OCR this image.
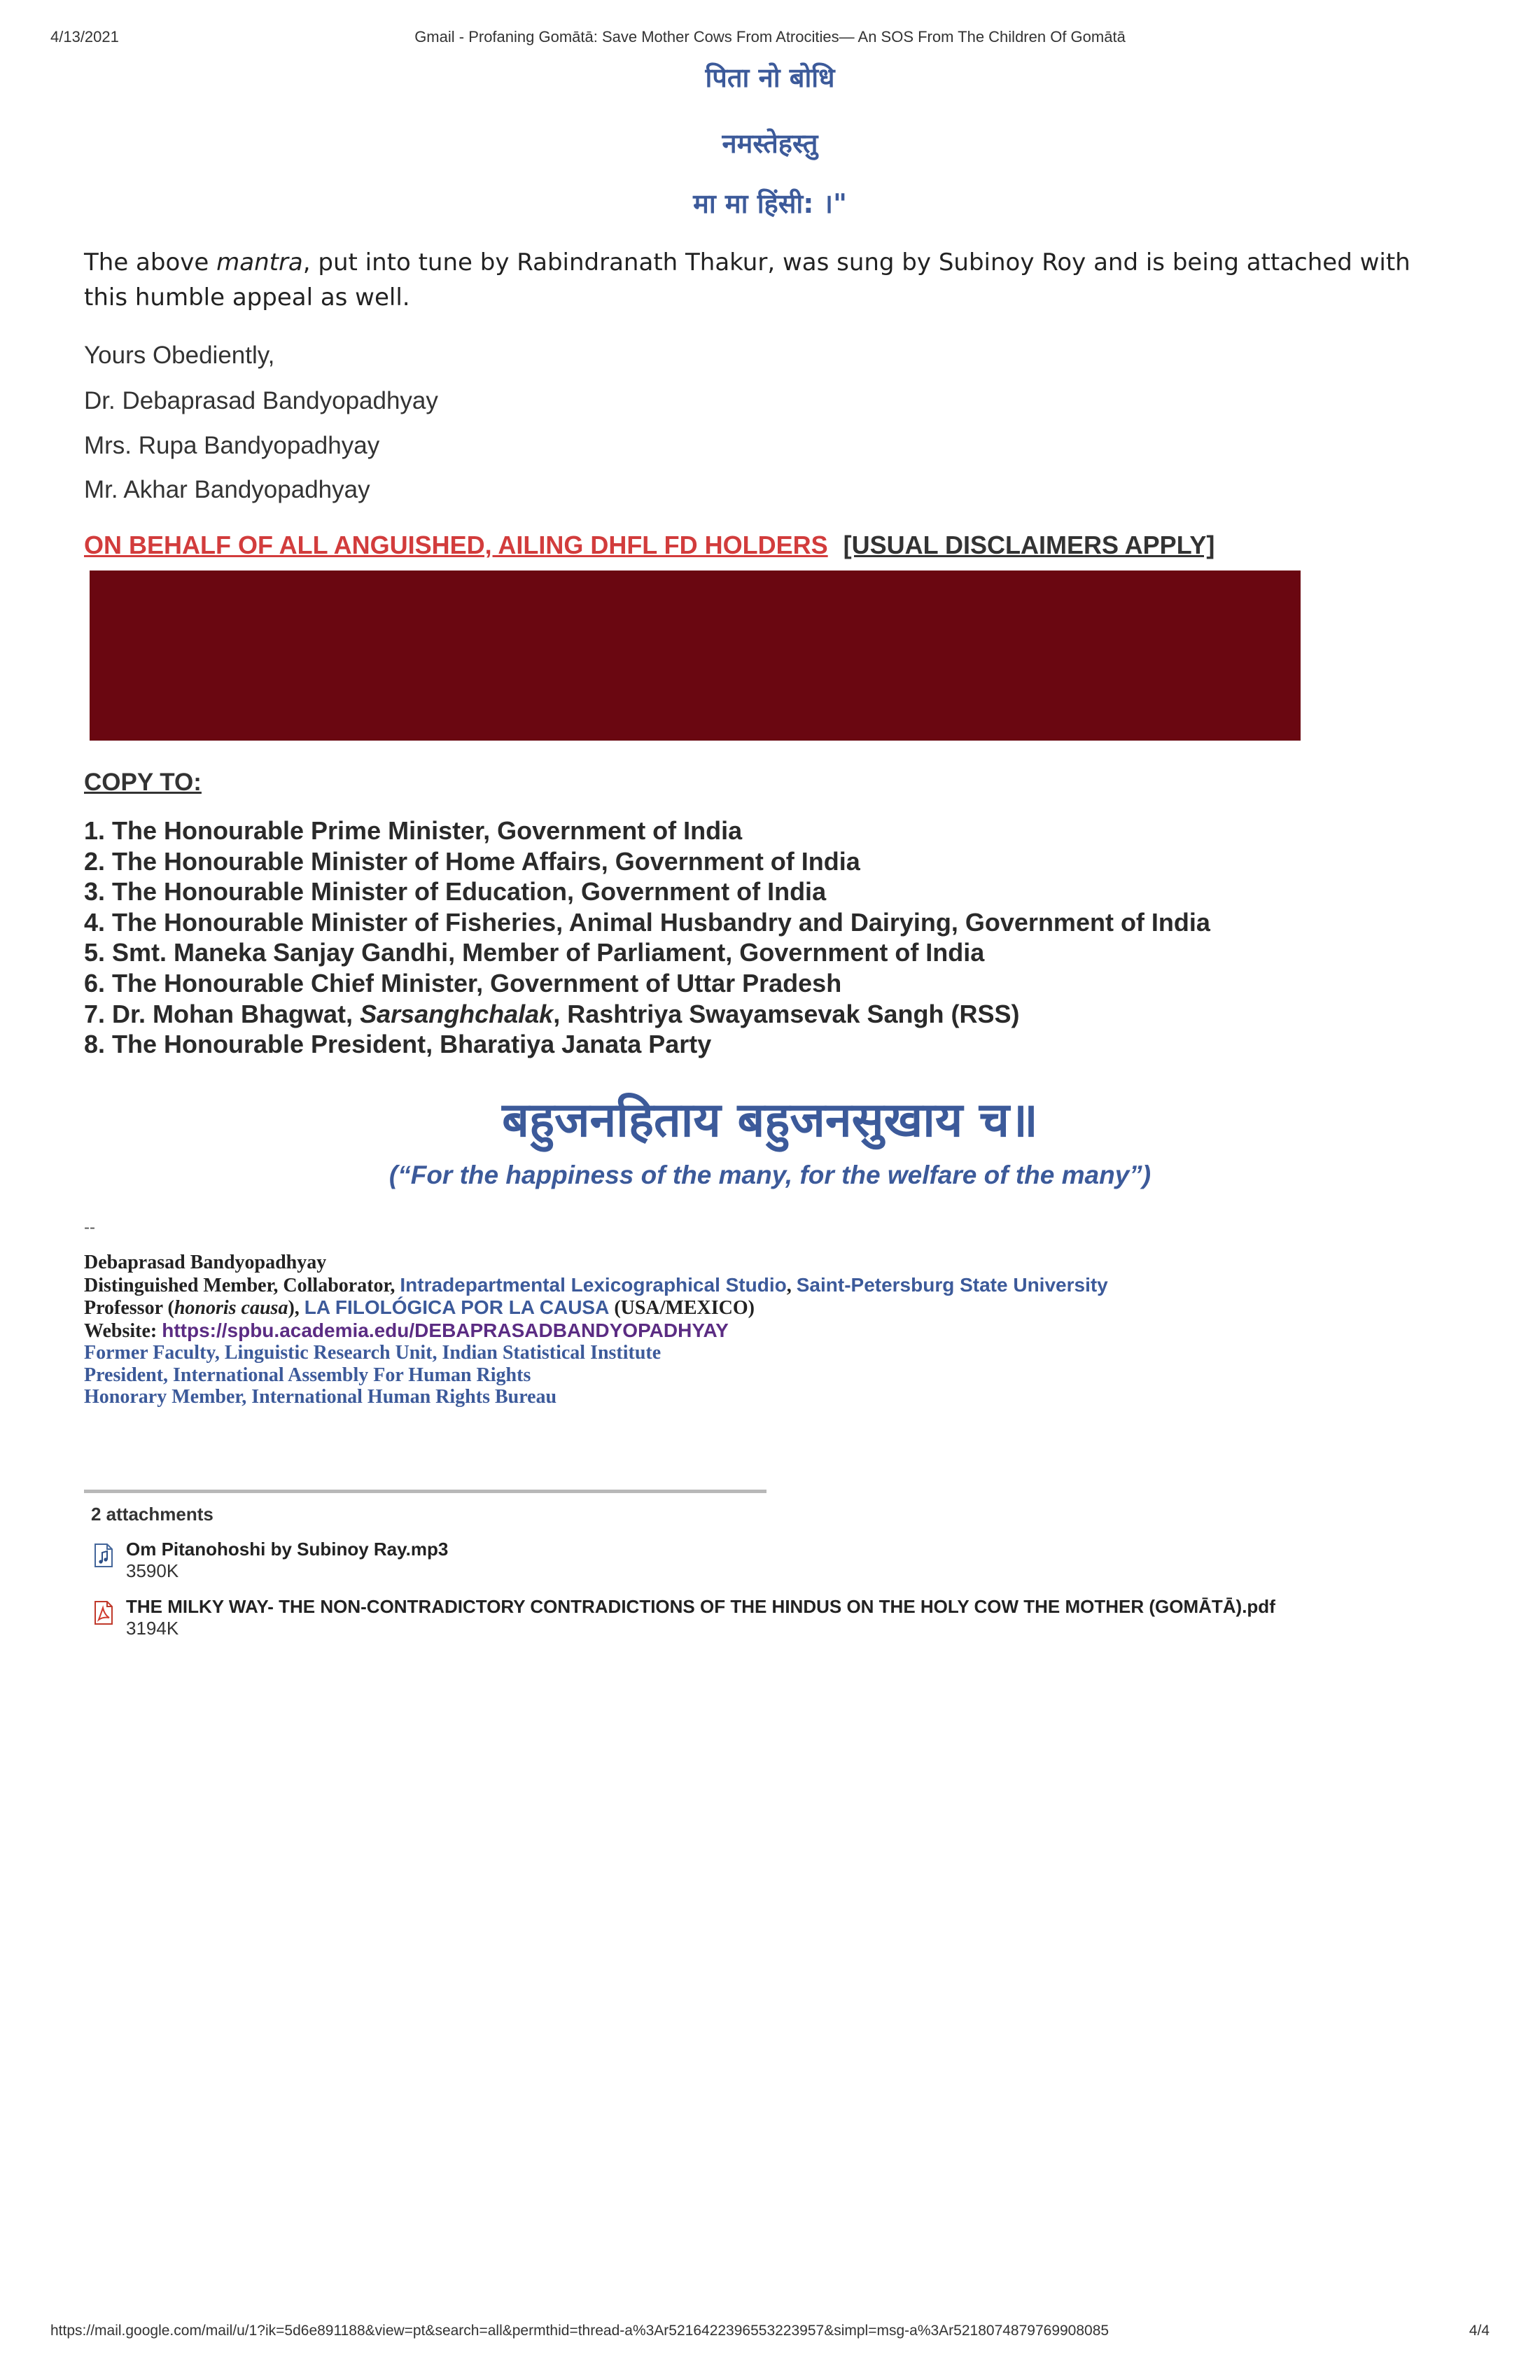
4/13/2021	Gmail - Profaning Gomātā: Save Mother Cows From Atrocities— An SOS From The Children Of Gomātā
पिता नो बोधि
नमस्तेहस्तु
मा मा हिंसी: ।"
The above mantra, put into tune by Rabindranath Thakur, was sung by Subinoy Roy and is being attached with this humble appeal as well.
Yours Obediently,
Dr. Debaprasad Bandyopadhyay
Mrs. Rupa Bandyopadhyay
Mr. Akhar Bandyopadhyay
ON BEHALF OF ALL ANGUISHED, AILING DHFL FD HOLDERS [USUAL DISCLAIMERS APPLY]
COPY TO:
1. The Honourable Prime Minister, Government of India
2. The Honourable Minister of Home Affairs, Government of India
3. The Honourable Minister of Education, Government of India
4. The Honourable Minister of Fisheries, Animal Husbandry and Dairying, Government of India
5. Smt. Maneka Sanjay Gandhi, Member of Parliament, Government of India
6. The Honourable Chief Minister, Government of Uttar Pradesh
7. Dr. Mohan Bhagwat, Sarsanghchalak, Rashtriya Swayamsevak Sangh (RSS)
8. The Honourable President, Bharatiya Janata Party
बहुजनहिताय बहुजनसुखाय च॥
(“For the happiness of the many, for the welfare of the many”)
--
Debaprasad Bandyopadhyay
Distinguished Member, Collaborator, Intradepartmental Lexicographical Studio, Saint-Petersburg State University
Professor (honoris causa), LA FILOLÓGICA POR LA CAUSA (USA/MEXICO)
Website: https://spbu.academia.edu/DEBAPRASADBANDYOPADHYAY
Former Faculty, Linguistic Research Unit, Indian Statistical Institute
President, International Assembly For Human Rights
Honorary Member, International Human Rights Bureau
2 attachments
Om Pitanohoshi by Subinoy Ray.mp3
3590K
THE MILKY WAY- THE NON-CONTRADICTORY CONTRADICTIONS OF THE HINDUS ON THE HOLY COW THE MOTHER (GOMĀTĀ).pdf
3194K
https://mail.google.com/mail/u/1?ik=5d6e891188&view=pt&search=all&permthid=thread-a%3Ar5216422396553223957&simpl=msg-a%3Ar5218074879769908085	4/4
